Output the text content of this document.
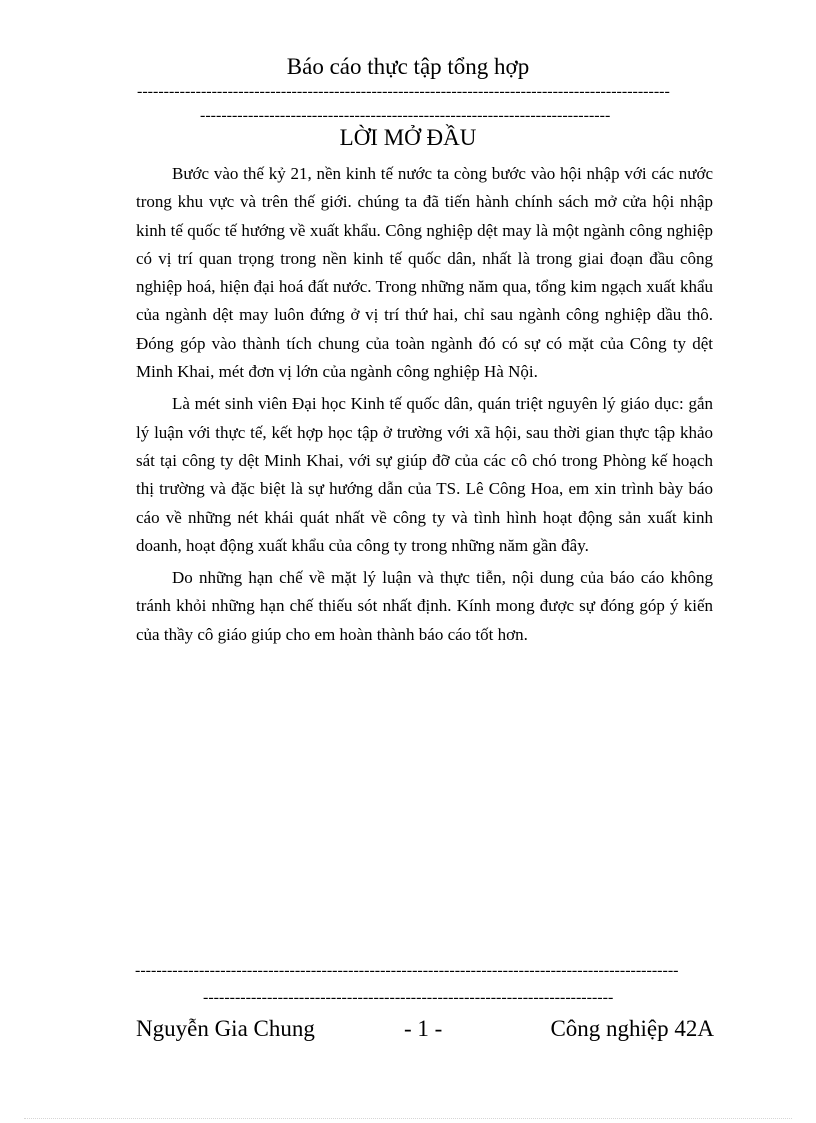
Báo cáo thực tập tổng hợp
----------------------------------------------------------------------------------------------------
-----------------------------------------------------------------------------
LỜI MỞ ĐẦU

Bước vào thế kỷ 21, nền kinh tế nước ta còng bước vào hội nhập với các nước trong khu vực và trên thế giới. chúng ta đã tiến hành chính sách mở cửa hội nhập kinh tế quốc tế hướng về xuất khẩu. Công nghiệp dệt may là một ngành công nghiệp có vị trí quan trọng trong nền kinh tế quốc dân, nhất là trong giai đoạn đầu công nghiệp hoá, hiện đại hoá đất nước. Trong những năm qua, tổng kim ngạch xuất khẩu của ngành dệt may luôn đứng ở vị trí thứ hai, chỉ sau ngành công nghiệp dầu thô. Đóng góp vào thành tích chung của toàn ngành đó có sự có mặt của Công ty dệt Minh Khai, mét đơn vị lớn của ngành công nghiệp Hà Nội.

Là mét sinh viên Đại học Kinh tế quốc dân, quán triệt nguyên lý giáo dục: gắn lý luận với thực tế, kết hợp học tập ở trường với xã hội, sau thời gian thực tập khảo sát tại công ty dệt Minh Khai, với sự giúp đỡ của các cô chó trong Phòng kế hoạch thị trường và đặc biệt là sự hướng dẫn của TS. Lê Công Hoa, em xin trình bày báo cáo về những nét khái quát nhất về công ty và tình hình hoạt động sản xuất kinh doanh, hoạt động xuất khẩu của công ty trong những năm gần đây.

Do những hạn chế về mặt lý luận và thực tiễn, nội dung của báo cáo không tránh khỏi những hạn chế thiếu sót nhất định. Kính mong được sự đóng góp ý kiến của thầy cô giáo giúp cho em hoàn thành báo cáo tốt hơn.

------------------------------------------------------------------------------------------------------
-----------------------------------------------------------------------------
Nguyễn Gia Chung	- 1 -	Công nghiệp 42A
